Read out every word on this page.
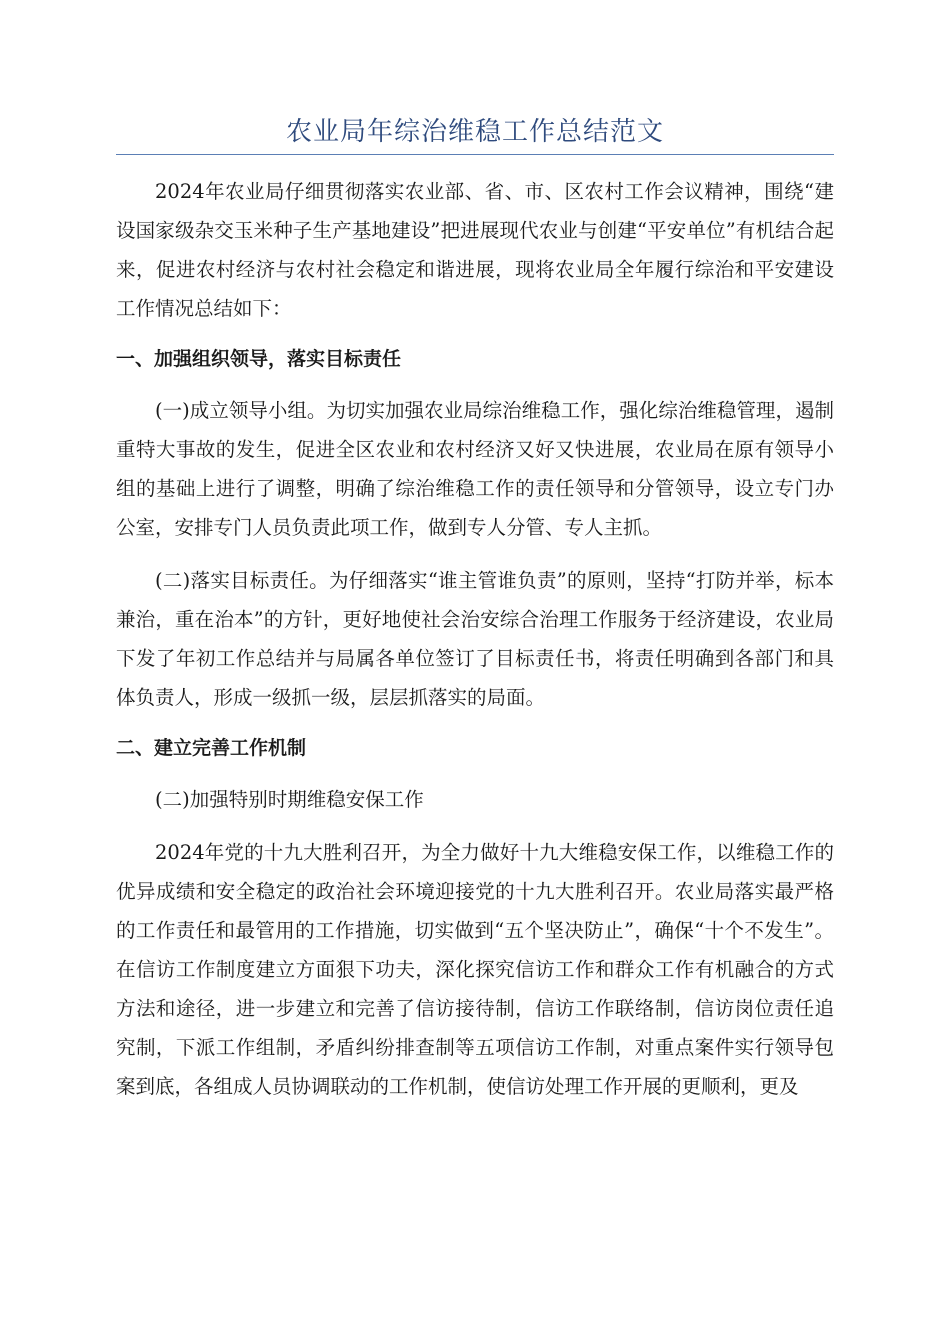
农业局年综治维稳工作总结范文

2024年农业局仔细贯彻落实农业部、省、市、区农村工作会议精神，围绕“建设国家级杂交玉米种子生产基地建设”把进展现代农业与创建“平安单位”有机结合起来，促进农村经济与农村社会稳定和谐进展，现将农业局全年履行综治和平安建设工作情况总结如下：

一、加强组织领导，落实目标责任

(一)成立领导小组。为切实加强农业局综治维稳工作，强化综治维稳管理，遏制重特大事故的发生，促进全区农业和农村经济又好又快进展，农业局在原有领导小组的基础上进行了调整，明确了综治维稳工作的责任领导和分管领导，设立专门办公室，安排专门人员负责此项工作，做到专人分管、专人主抓。

(二)落实目标责任。为仔细落实“谁主管谁负责”的原则，坚持“打防并举，标本兼治，重在治本”的方针，更好地使社会治安综合治理工作服务于经济建设，农业局下发了年初工作总结并与局属各单位签订了目标责任书，将责任明确到各部门和具体负责人，形成一级抓一级，层层抓落实的局面。

二、建立完善工作机制

(二)加强特别时期维稳安保工作

2024年党的十九大胜利召开，为全力做好十九大维稳安保工作，以维稳工作的优异成绩和安全稳定的政治社会环境迎接党的十九大胜利召开。农业局落实最严格的工作责任和最管用的工作措施，切实做到“五个坚决防止”，确保“十个不发生”。在信访工作制度建立方面狠下功夫，深化探究信访工作和群众工作有机融合的方式方法和途径，进一步建立和完善了信访接待制，信访工作联络制，信访岗位责任追究制，下派工作组制，矛盾纠纷排查制等五项信访工作制，对重点案件实行领导包案到底，各组成人员协调联动的工作机制，使信访处理工作开展的更顺利，更及
